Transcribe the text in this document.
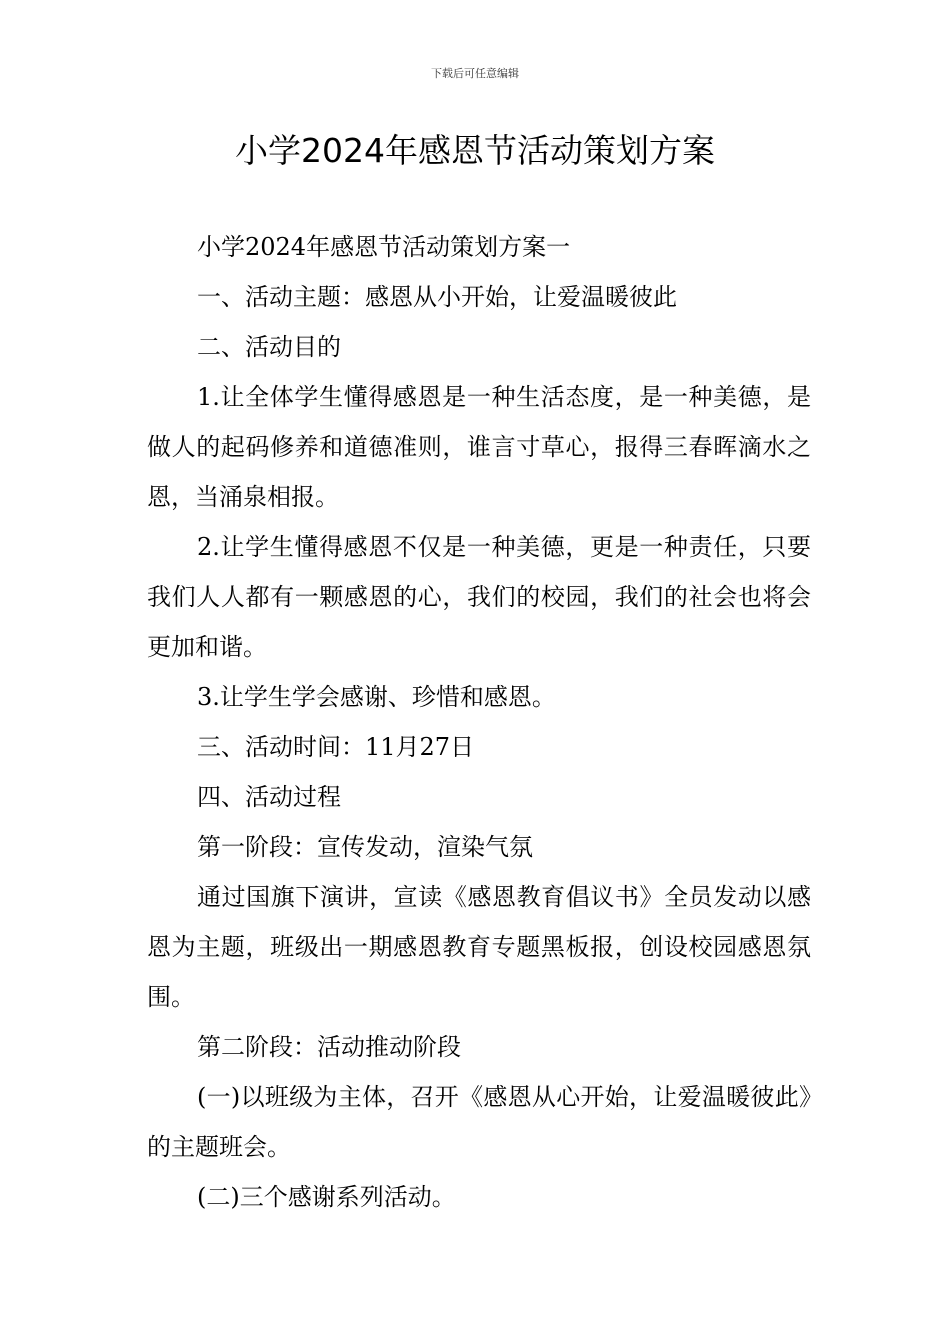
下载后可任意编辑
小学2024年感恩节活动策划方案

小学2024年感恩节活动策划方案一

一、活动主题：感恩从小开始，让爱温暖彼此

二、活动目的

1.让全体学生懂得感恩是一种生活态度，是一种美德，是做人的起码修养和道德准则，谁言寸草心，报得三春晖滴水之恩，当涌泉相报。

2.让学生懂得感恩不仅是一种美德，更是一种责任，只要我们人人都有一颗感恩的心，我们的校园，我们的社会也将会更加和谐。

3.让学生学会感谢、珍惜和感恩。

三、活动时间：11月27日

四、活动过程

第一阶段：宣传发动，渲染气氛

通过国旗下演讲，宣读《感恩教育倡议书》全员发动以感恩为主题，班级出一期感恩教育专题黑板报，创设校园感恩氛围。

第二阶段：活动推动阶段

(一)以班级为主体，召开《感恩从心开始，让爱温暖彼此》的主题班会。

(二)三个感谢系列活动。
